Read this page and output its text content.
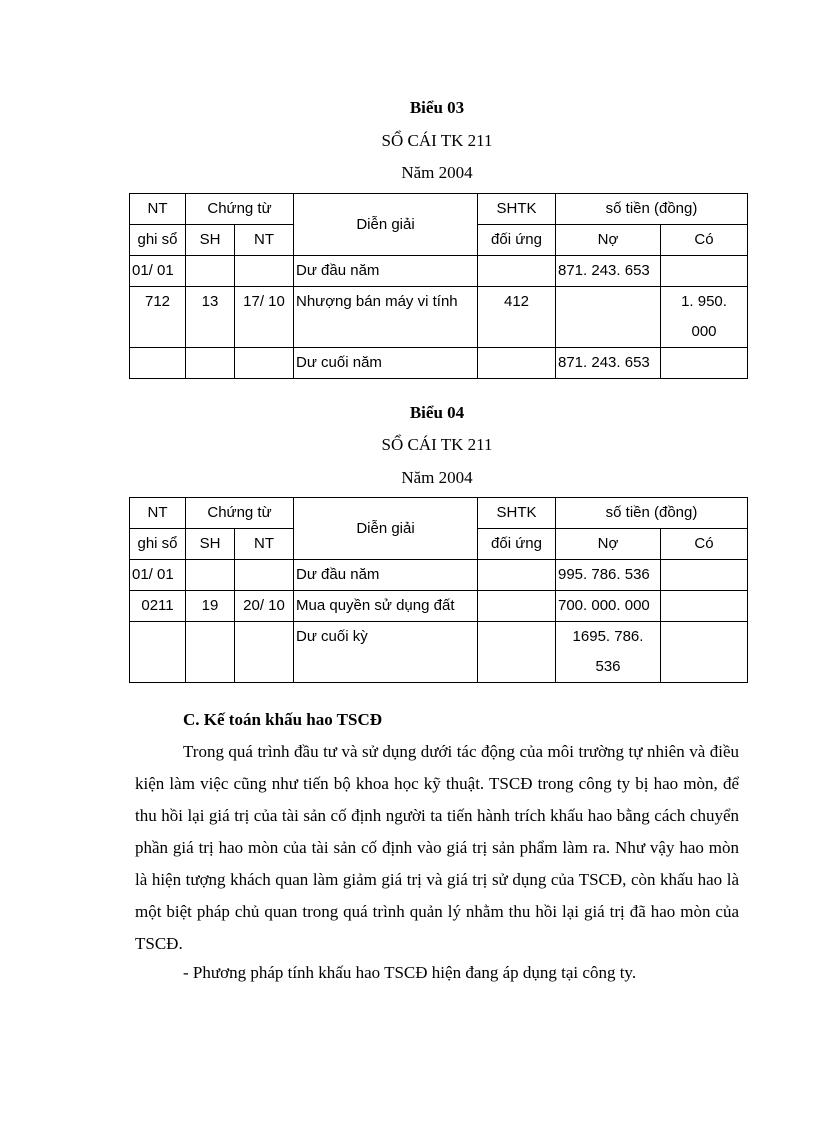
Biểu 03
SỔ CÁI TK 211
Năm 2004
NT	Chứng từ		Diễn giải	SHTK	số tiền (đồng)	
ghi sổ	SH	NT		đối ứng	Nợ	Có
01/ 01			Dư đầu năm		871. 243. 653	
712	13	17/ 10	Nhượng bán máy vi tính	412		1. 950. 000
			Dư cuối năm		871. 243. 653	
Biểu 04
SỔ CÁI TK 211
Năm 2004
NT	Chứng từ		Diễn giải	SHTK	số tiền (đồng)	
ghi sổ	SH	NT		đối ứng	Nợ	Có
01/ 01			Dư đầu năm		995. 786. 536	
0211	19	20/ 10	Mua quyền sử dụng đất		700. 000. 000	
			Dư cuối kỳ		1695. 786. 536	
C. Kế toán khấu hao TSCĐ
Trong quá trình đầu tư và sử dụng dưới tác động của môi trường tự nhiên và điều kiện làm việc cũng như tiến bộ khoa học kỹ thuật. TSCĐ trong công ty bị hao mòn, để thu hồi lại giá trị của tài sản cố định người ta tiến hành trích khấu hao bằng cách chuyển phần giá trị hao mòn của tài sản cố định vào giá trị sản phẩm làm ra. Như vậy hao mòn là hiện tượng khách quan làm giảm giá trị và giá trị sử dụng của TSCĐ, còn khấu hao là một biệt pháp chủ quan trong quá trình quản lý nhằm thu hồi lại giá trị đã hao mòn của TSCĐ.
- Phương pháp tính khấu hao TSCĐ hiện đang áp dụng tại công ty.
